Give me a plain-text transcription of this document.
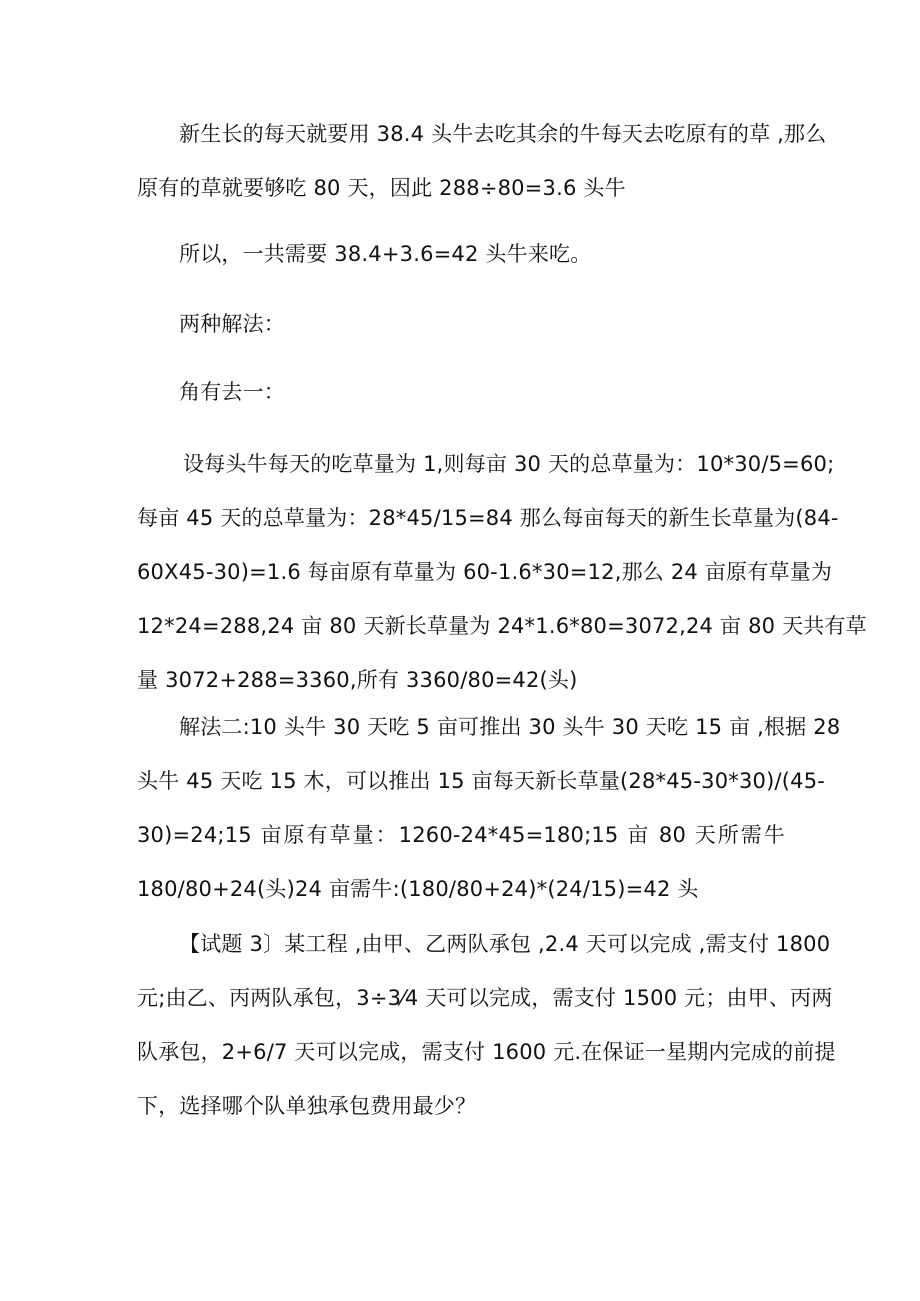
新生长的每天就要用 38.4 头牛去吃其余的牛每天去吃原有的草 ,那么
原有的草就要够吃 80 天，因此 288÷80=3.6 头牛
所以，一共需要 38.4+3.6=42 头牛来吃。
两种解法：
角有去一：
设每头牛每天的吃草量为 1,则每亩 30 天的总草量为：10*30/5=60;
每亩 45 天的总草量为：28*45/15=84 那么每亩每天的新生长草量为(84-
60X45-30)=1.6 每亩原有草量为 60-1.6*30=12,那么 24 亩原有草量为
12*24=288,24 亩 80 天新长草量为 24*1.6*80=3072,24 亩 80 天共有草
量 3072+288=3360,所有 3360/80=42(头)
解法二:10 头牛 30 天吃 5 亩可推出 30 头牛 30 天吃 15 亩 ,根据 28
头牛 45 天吃 15 木，可以推出 15 亩每天新长草量(28*45-30*30)/(45-
30)=24;15 亩原有草量：1260-24*45=180;15 亩 80 天所需牛
180/80+24(头)24 亩需牛:(180/80+24)*(24/15)=42 头
【试题 3〕某工程 ,由甲、乙两队承包 ,2.4 天可以完成 ,需支付 1800
元;由乙、丙两队承包，3÷3⁄4 天可以完成，需支付 1500 元；由甲、丙两
队承包，2+6/7 天可以完成，需支付 1600 元.在保证一星期内完成的前提
下，选择哪个队单独承包费用最少？
